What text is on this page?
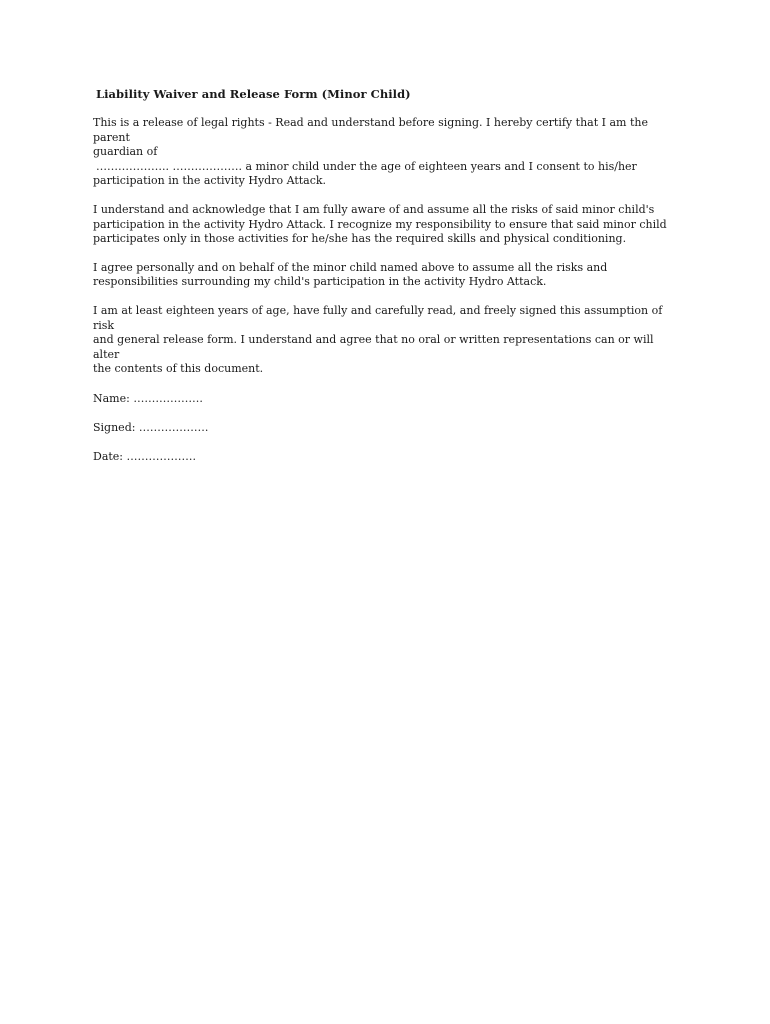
Liability Waiver and Release Form (Minor Child)

This is a release of legal rights - Read and understand before signing. I hereby certify that I am the parent
guardian of
……………….. ………………. a minor child under the age of eighteen years and I consent to his/her
participation in the activity Hydro Attack.

I understand and acknowledge that I am fully aware of and assume all the risks of said minor child's
participation in the activity Hydro Attack. I recognize my responsibility to ensure that said minor child
participates only in those activities for he/she has the required skills and physical conditioning.

I agree personally and on behalf of the minor child named above to assume all the risks and
responsibilities surrounding my child's participation in the activity Hydro Attack.

I am at least eighteen years of age, have fully and carefully read, and freely signed this assumption of risk
and general release form. I understand and agree that no oral or written representations can or will alter
the contents of this document.

Name: ……………….

Signed: ……………….

Date: ……………….
